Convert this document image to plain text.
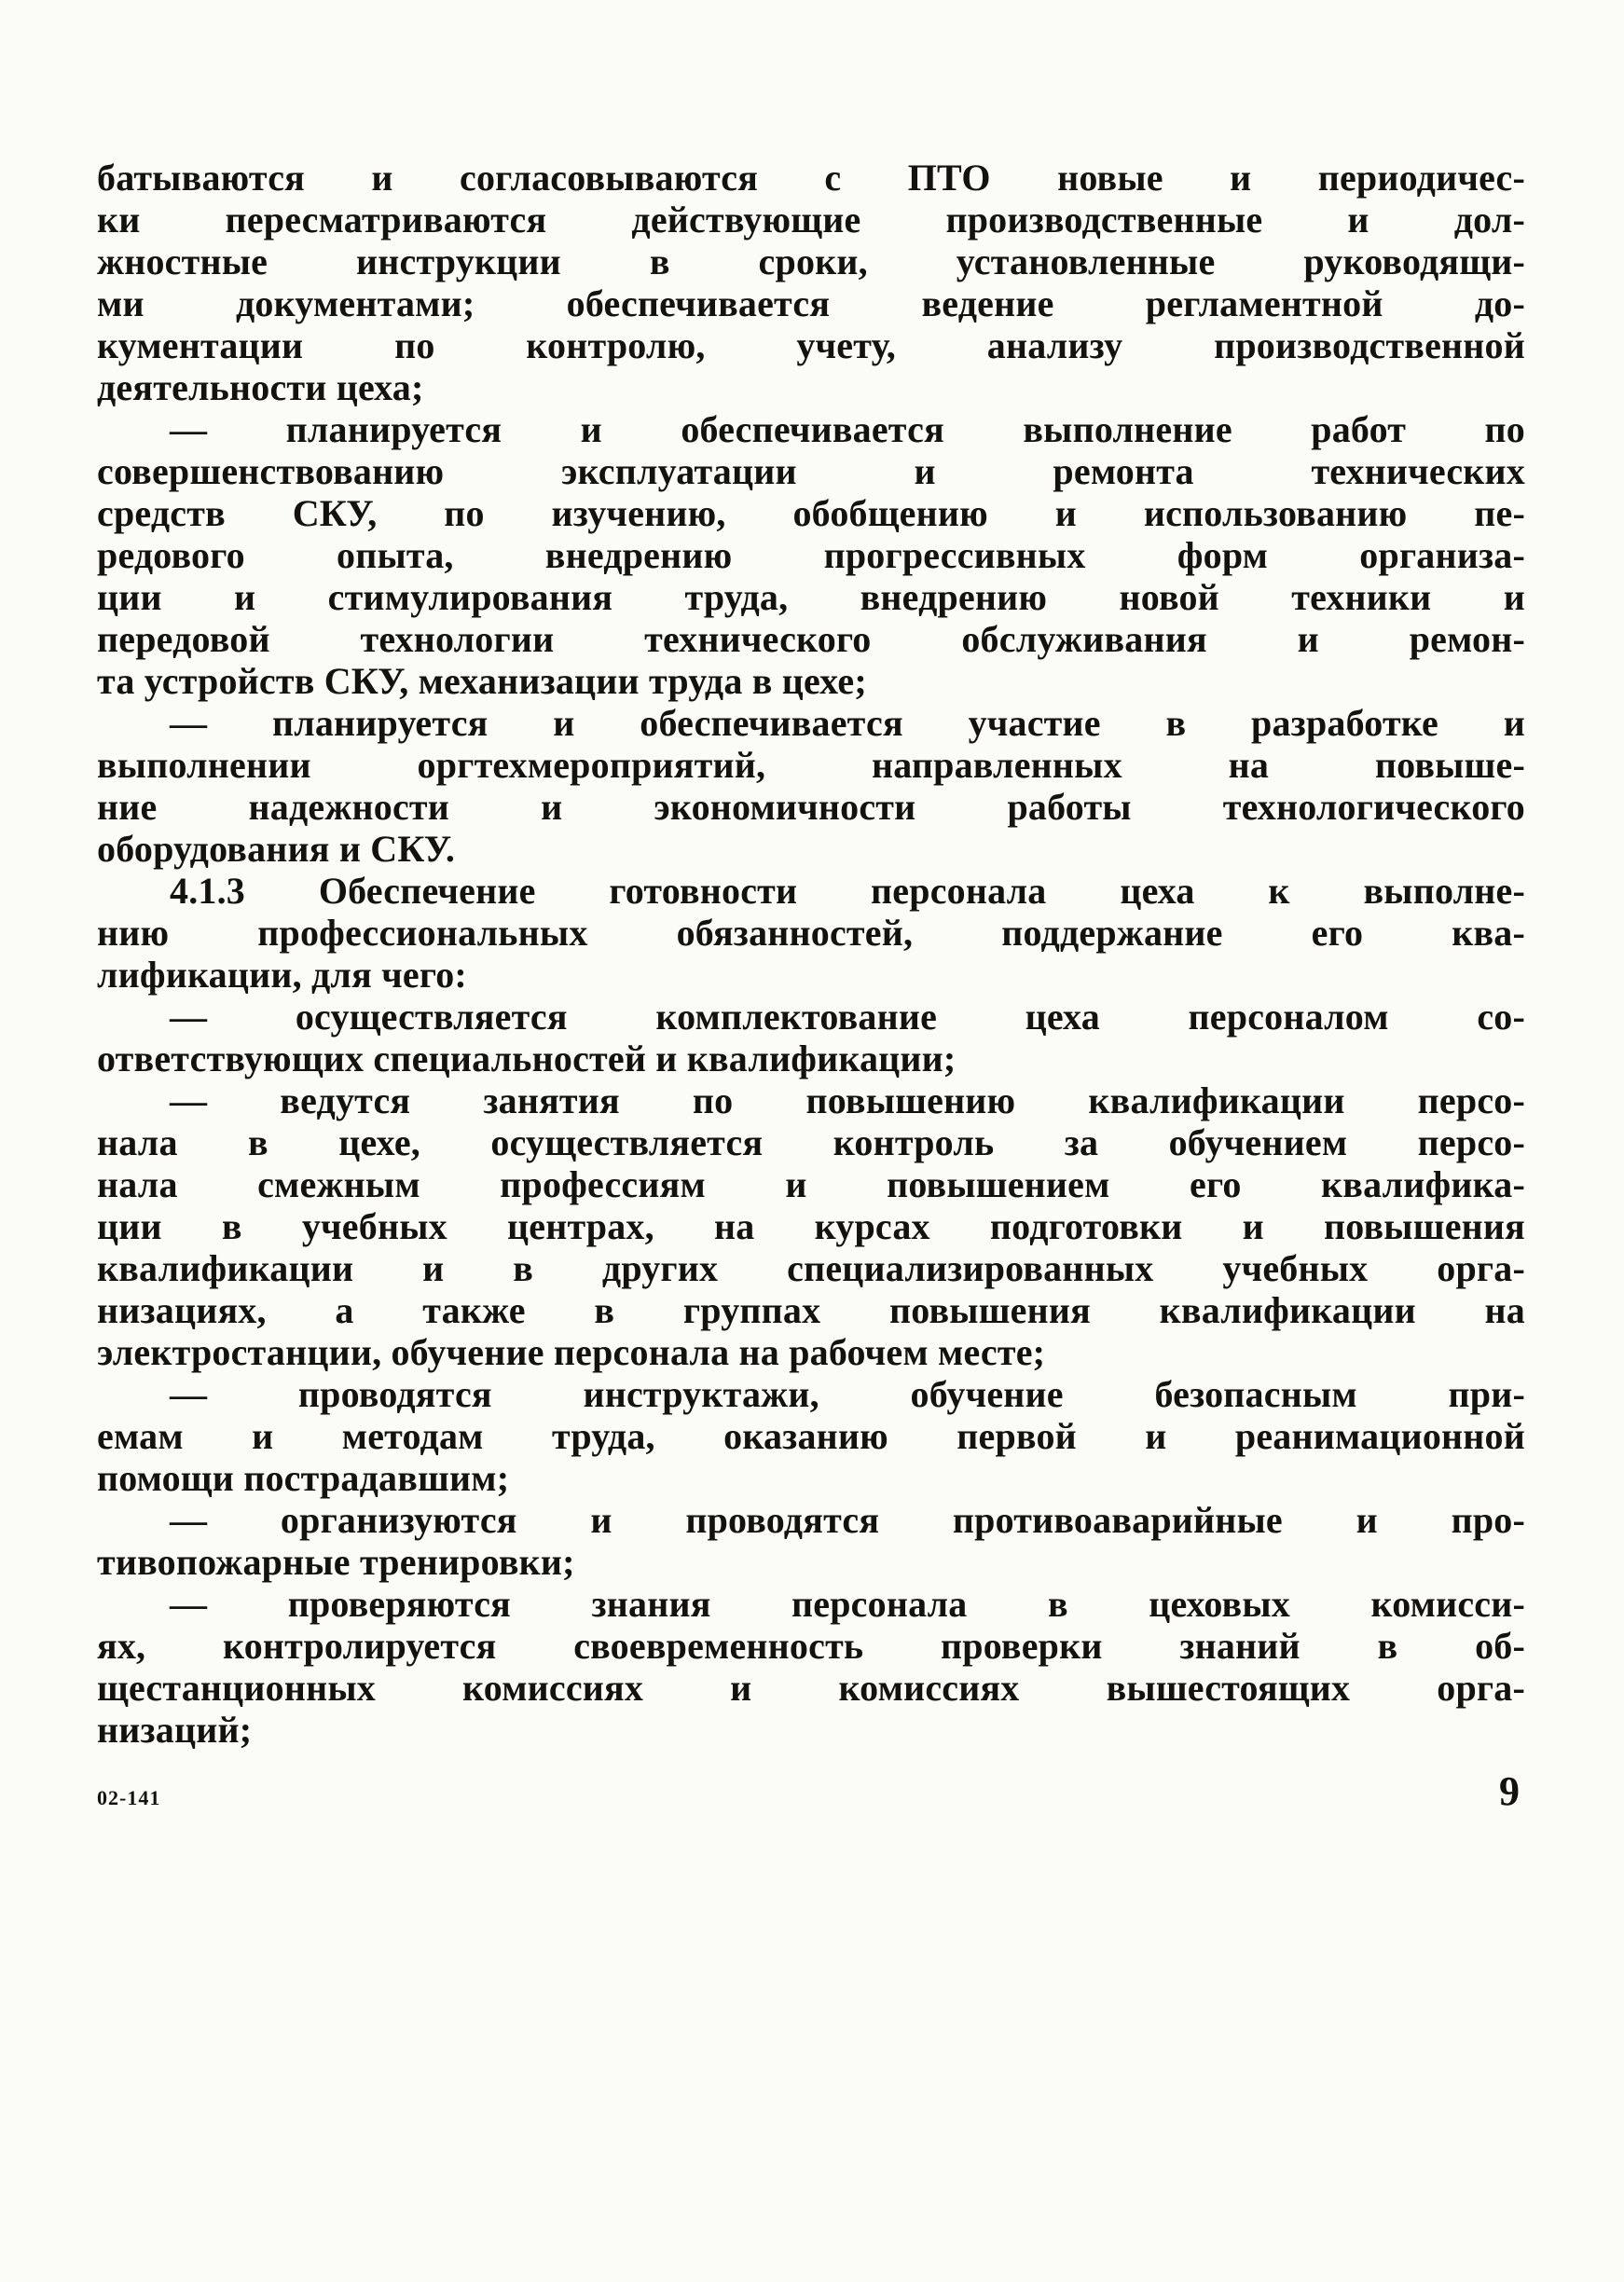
батываются и согласовываются с ПТО новые и периодичес-
ки пересматриваются действующие производственные и дол-
жностные инструкции в сроки, установленные руководящи-
ми документами; обеспечивается ведение регламентной до-
кументации по контролю, учету, анализу производственной
деятельности цеха;
— планируется и обеспечивается выполнение работ по
совершенствованию эксплуатации и ремонта технических
средств СКУ, по изучению, обобщению и использованию пе-
редового опыта, внедрению прогрессивных форм организа-
ции и стимулирования труда, внедрению новой техники и
передовой технологии технического обслуживания и ремон-
та устройств СКУ, механизации труда в цехе;
— планируется и обеспечивается участие в разработке и
выполнении оргтехмероприятий, направленных на повыше-
ние надежности и экономичности работы технологического
оборудования и СКУ.
4.1.3 Обеспечение готовности персонала цеха к выполне-
нию профессиональных обязанностей, поддержание его ква-
лификации, для чего:
— осуществляется комплектование цеха персоналом со-
ответствующих специальностей и квалификации;
— ведутся занятия по повышению квалификации персо-
нала в цехе, осуществляется контроль за обучением персо-
нала смежным профессиям и повышением его квалифика-
ции в учебных центрах, на курсах подготовки и повышения
квалификации и в других специализированных учебных орга-
низациях, а также в группах повышения квалификации на
электростанции, обучение персонала на рабочем месте;
— проводятся инструктажи, обучение безопасным при-
емам и методам труда, оказанию первой и реанимационной
помощи пострадавшим;
— организуются и проводятся противоаварийные и про-
тивопожарные тренировки;
— проверяются знания персонала в цеховых комисси-
ях, контролируется своевременность проверки знаний в об-
щестанционных комиссиях и комиссиях вышестоящих орга-
низаций;
02-141	9
